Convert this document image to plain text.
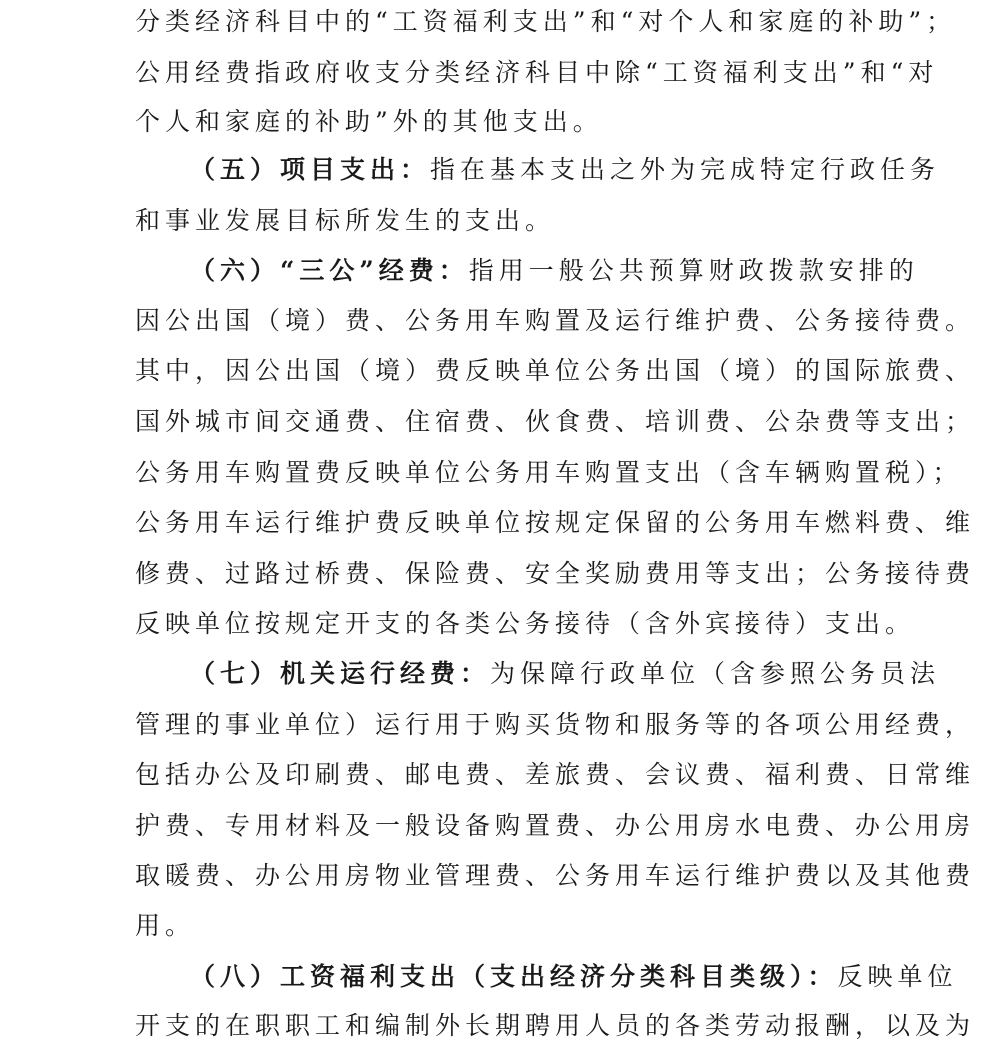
分类经济科目中的“工资福利支出”和“对个人和家庭的补助”；
公用经费指政府收支分类经济科目中除“工资福利支出”和“对
个人和家庭的补助”外的其他支出。
（五）项目支出：指在基本支出之外为完成特定行政任务
和事业发展目标所发生的支出。
（六）“三公”经费：指用一般公共预算财政拨款安排的
因公出国（境）费、公务用车购置及运行维护费、公务接待费。
其中，因公出国（境）费反映单位公务出国（境）的国际旅费、
国外城市间交通费、住宿费、伙食费、培训费、公杂费等支出；
公务用车购置费反映单位公务用车购置支出（含车辆购置税）；
公务用车运行维护费反映单位按规定保留的公务用车燃料费、维
修费、过路过桥费、保险费、安全奖励费用等支出；公务接待费
反映单位按规定开支的各类公务接待（含外宾接待）支出。
（七）机关运行经费：为保障行政单位（含参照公务员法
管理的事业单位）运行用于购买货物和服务等的各项公用经费，
包括办公及印刷费、邮电费、差旅费、会议费、福利费、日常维
护费、专用材料及一般设备购置费、办公用房水电费、办公用房
取暖费、办公用房物业管理费、公务用车运行维护费以及其他费
用。
（八）工资福利支出（支出经济分类科目类级）：反映单位
开支的在职职工和编制外长期聘用人员的各类劳动报酬，以及为
